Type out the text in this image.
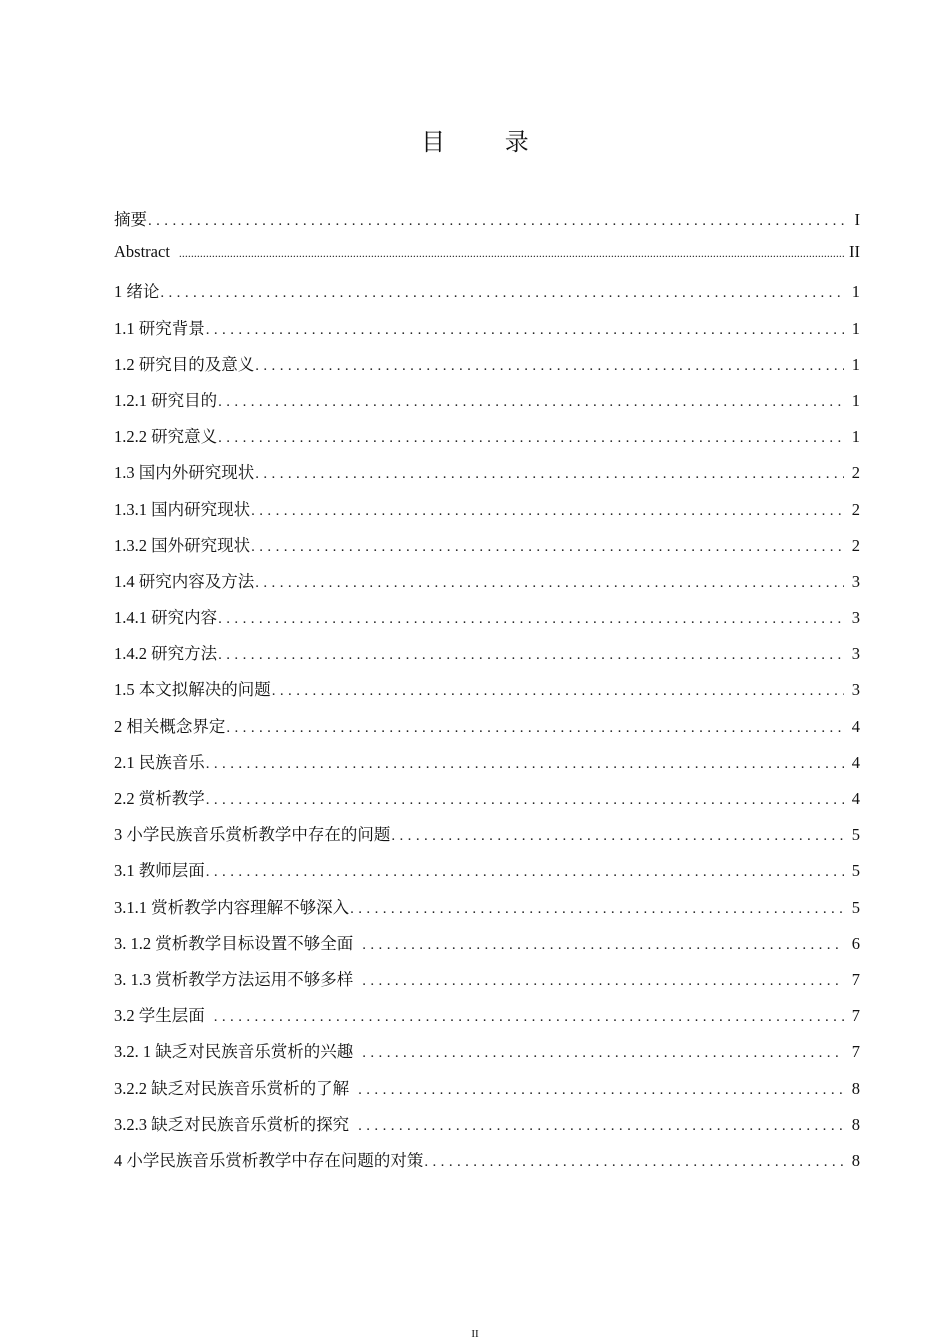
目 录
摘要 .....	I
Abstract .....	II
1 绪论 .....	1
1.1 研究背景 .....	1
1.2 研究目的及意义 .....	1
1.2.1 研究目的 .....	1
1.2.2 研究意义 .....	1
1.3 国内外研究现状 .....	2
1.3.1 国内研究现状 .....	2
1.3.2 国外研究现状 .....	2
1.4 研究内容及方法 .....	3
1.4.1 研究内容 .....	3
1.4.2 研究方法 .....	3
1.5 本文拟解决的问题 .....	3
2 相关概念界定 .....	4
2.1 民族音乐 .....	4
2.2 赏析教学 .....	4
3 小学民族音乐赏析教学中存在的问题 .....	5
3.1 教师层面 .....	5
3.1.1 赏析教学内容理解不够深入 .....	5
3. 1.2 赏析教学目标设置不够全面 .....	6
3. 1.3 赏析教学方法运用不够多样 .....	7
3.2 学生层面 .....	7
3.2. 1 缺乏对民族音乐赏析的兴趣 .....	7
3.2.2 缺乏对民族音乐赏析的了解 .....	8
3.2.3 缺乏对民族音乐赏析的探究 .....	8
4 小学民族音乐赏析教学中存在问题的对策 .....	8
II
